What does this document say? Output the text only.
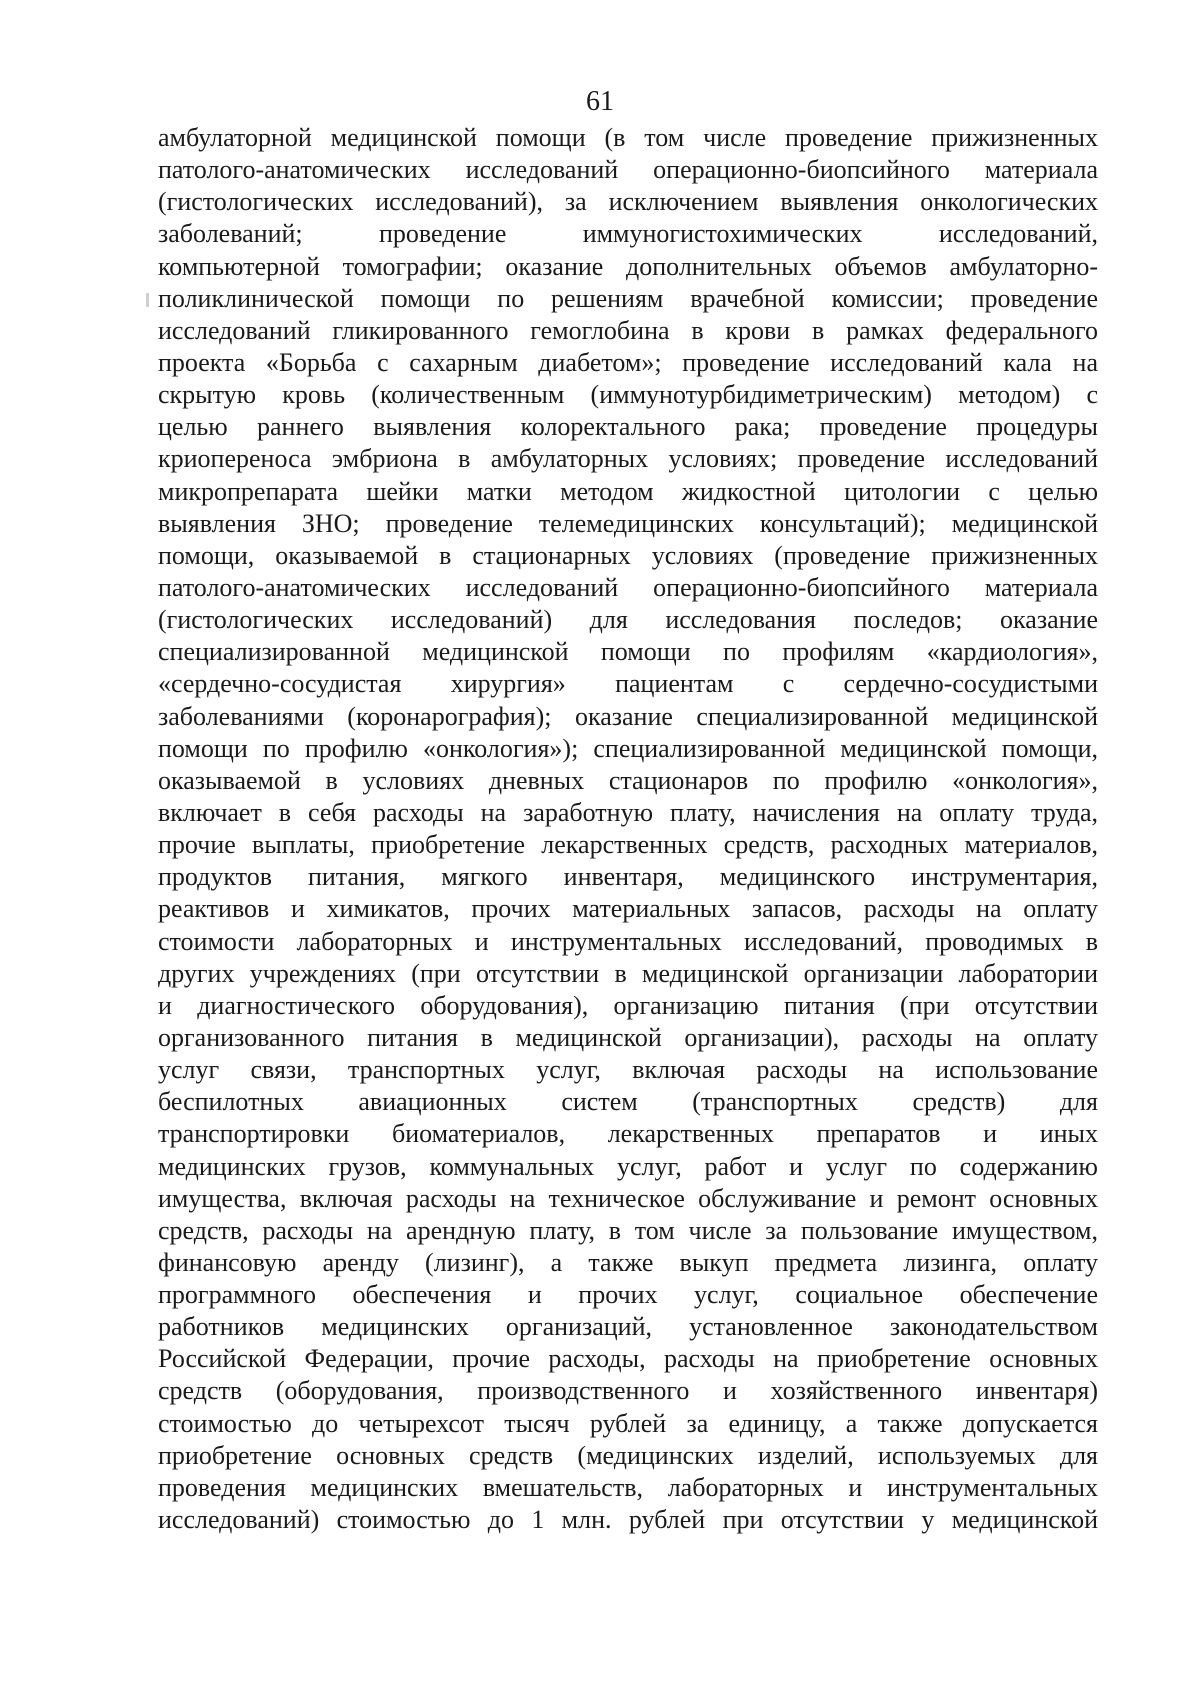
61
амбулаторной медицинской помощи (в том числе проведение прижизненных
патолого-анатомических исследований операционно-биопсийного материала
(гистологических исследований), за исключением выявления онкологических
заболеваний; проведение иммуногистохимических исследований,
компьютерной томографии; оказание дополнительных объемов амбулаторно-
поликлинической помощи по решениям врачебной комиссии; проведение
исследований гликированного гемоглобина в крови в рамках федерального
проекта «Борьба с сахарным диабетом»; проведение исследований кала на
скрытую кровь (количественным (иммунотурбидиметрическим) методом) с
целью раннего выявления колоректального рака; проведение процедуры
криопереноса эмбриона в амбулаторных условиях; проведение исследований
микропрепарата шейки матки методом жидкостной цитологии с целью
выявления ЗНО; проведение телемедицинских консультаций); медицинской
помощи, оказываемой в стационарных условиях (проведение прижизненных
патолого-анатомических исследований операционно-биопсийного материала
(гистологических исследований) для исследования последов; оказание
специализированной медицинской помощи по профилям «кардиология»,
«сердечно-сосудистая хирургия» пациентам с сердечно-сосудистыми
заболеваниями (коронарография); оказание специализированной медицинской
помощи по профилю «онкология»); специализированной медицинской помощи,
оказываемой в условиях дневных стационаров по профилю «онкология»,
включает в себя расходы на заработную плату, начисления на оплату труда,
прочие выплаты, приобретение лекарственных средств, расходных материалов,
продуктов питания, мягкого инвентаря, медицинского инструментария,
реактивов и химикатов, прочих материальных запасов, расходы на оплату
стоимости лабораторных и инструментальных исследований, проводимых в
других учреждениях (при отсутствии в медицинской организации лаборатории
и диагностического оборудования), организацию питания (при отсутствии
организованного питания в медицинской организации), расходы на оплату
услуг связи, транспортных услуг, включая расходы на использование
беспилотных авиационных систем (транспортных средств) для
транспортировки биоматериалов, лекарственных препаратов и иных
медицинских грузов, коммунальных услуг, работ и услуг по содержанию
имущества, включая расходы на техническое обслуживание и ремонт основных
средств, расходы на арендную плату, в том числе за пользование имуществом,
финансовую аренду (лизинг), а также выкуп предмета лизинга, оплату
программного обеспечения и прочих услуг, социальное обеспечение
работников медицинских организаций, установленное законодательством
Российской Федерации, прочие расходы, расходы на приобретение основных
средств (оборудования, производственного и хозяйственного инвентаря)
стоимостью до четырехсот тысяч рублей за единицу, а также допускается
приобретение основных средств (медицинских изделий, используемых для
проведения медицинских вмешательств, лабораторных и инструментальных
исследований) стоимостью до 1 млн. рублей при отсутствии у медицинской
